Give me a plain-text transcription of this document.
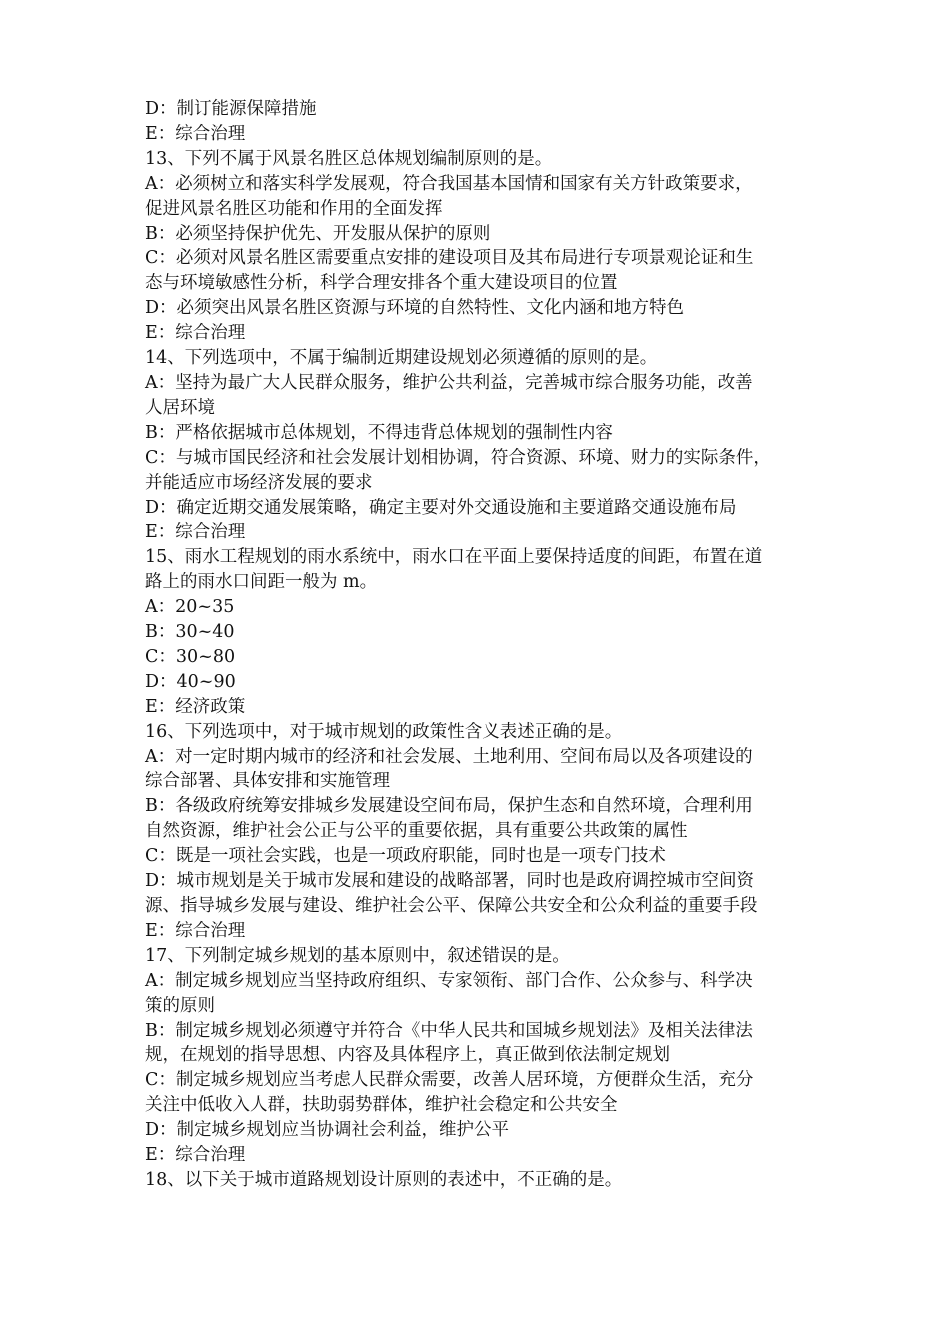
D：制订能源保障措施
E：综合治理
13、下列不属于风景名胜区总体规划编制原则的是。
A：必须树立和落实科学发展观，符合我国基本国情和国家有关方针政策要求，
促进风景名胜区功能和作用的全面发挥
B：必须坚持保护优先、开发服从保护的原则
C：必须对风景名胜区需要重点安排的建设项目及其布局进行专项景观论证和生
态与环境敏感性分析，科学合理安排各个重大建设项目的位置
D：必须突出风景名胜区资源与环境的自然特性、文化内涵和地方特色
E：综合治理
14、下列选项中，不属于编制近期建设规划必须遵循的原则的是。
A：坚持为最广大人民群众服务，维护公共利益，完善城市综合服务功能，改善
人居环境
B：严格依据城市总体规划，不得违背总体规划的强制性内容
C：与城市国民经济和社会发展计划相协调，符合资源、环境、财力的实际条件，
并能适应市场经济发展的要求
D：确定近期交通发展策略，确定主要对外交通设施和主要道路交通设施布局
E：综合治理
15、雨水工程规划的雨水系统中，雨水口在平面上要保持适度的间距，布置在道
路上的雨水口间距一般为 m。
A：20~35
B：30~40
C：30~80
D：40~90
E：经济政策
16、下列选项中，对于城市规划的政策性含义表述正确的是。
A：对一定时期内城市的经济和社会发展、土地利用、空间布局以及各项建设的
综合部署、具体安排和实施管理
B：各级政府统筹安排城乡发展建设空间布局，保护生态和自然环境，合理利用
自然资源，维护社会公正与公平的重要依据，具有重要公共政策的属性
C：既是一项社会实践，也是一项政府职能，同时也是一项专门技术
D：城市规划是关于城市发展和建设的战略部署，同时也是政府调控城市空间资
源、指导城乡发展与建设、维护社会公平、保障公共安全和公众利益的重要手段
E：综合治理
17、下列制定城乡规划的基本原则中，叙述错误的是。
A：制定城乡规划应当坚持政府组织、专家领衔、部门合作、公众参与、科学决
策的原则
B：制定城乡规划必须遵守并符合《中华人民共和国城乡规划法》及相关法律法
规，在规划的指导思想、内容及具体程序上，真正做到依法制定规划
C：制定城乡规划应当考虑人民群众需要，改善人居环境，方便群众生活，充分
关注中低收入人群，扶助弱势群体，维护社会稳定和公共安全
D：制定城乡规划应当协调社会利益，维护公平
E：综合治理
18、以下关于城市道路规划设计原则的表述中，不正确的是。
